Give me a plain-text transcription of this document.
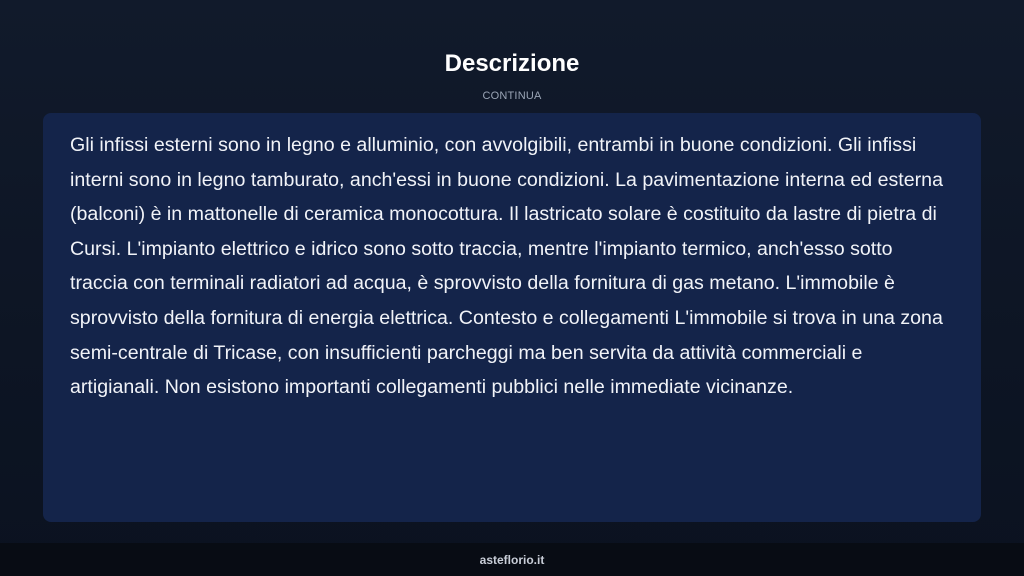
Descrizione
CONTINUA

Gli infissi esterni sono in legno e alluminio, con avvolgibili, entrambi in buone condizioni. Gli infissi interni sono in legno tamburato, anch'essi in buone condizioni. La pavimentazione interna ed esterna (balconi) è in mattonelle di ceramica monocottura. Il lastricato solare è costituito da lastre di pietra di Cursi. L'impianto elettrico e idrico sono sotto traccia, mentre l'impianto termico, anch'esso sotto traccia con terminali radiatori ad acqua, è sprovvisto della fornitura di gas metano. L'immobile è sprovvisto della fornitura di energia elettrica. Contesto e collegamenti L'immobile si trova in una zona semi-centrale di Tricase, con insufficienti parcheggi ma ben servita da attività commerciali e artigianali. Non esistono importanti collegamenti pubblici nelle immediate vicinanze.

asteflorio.it
